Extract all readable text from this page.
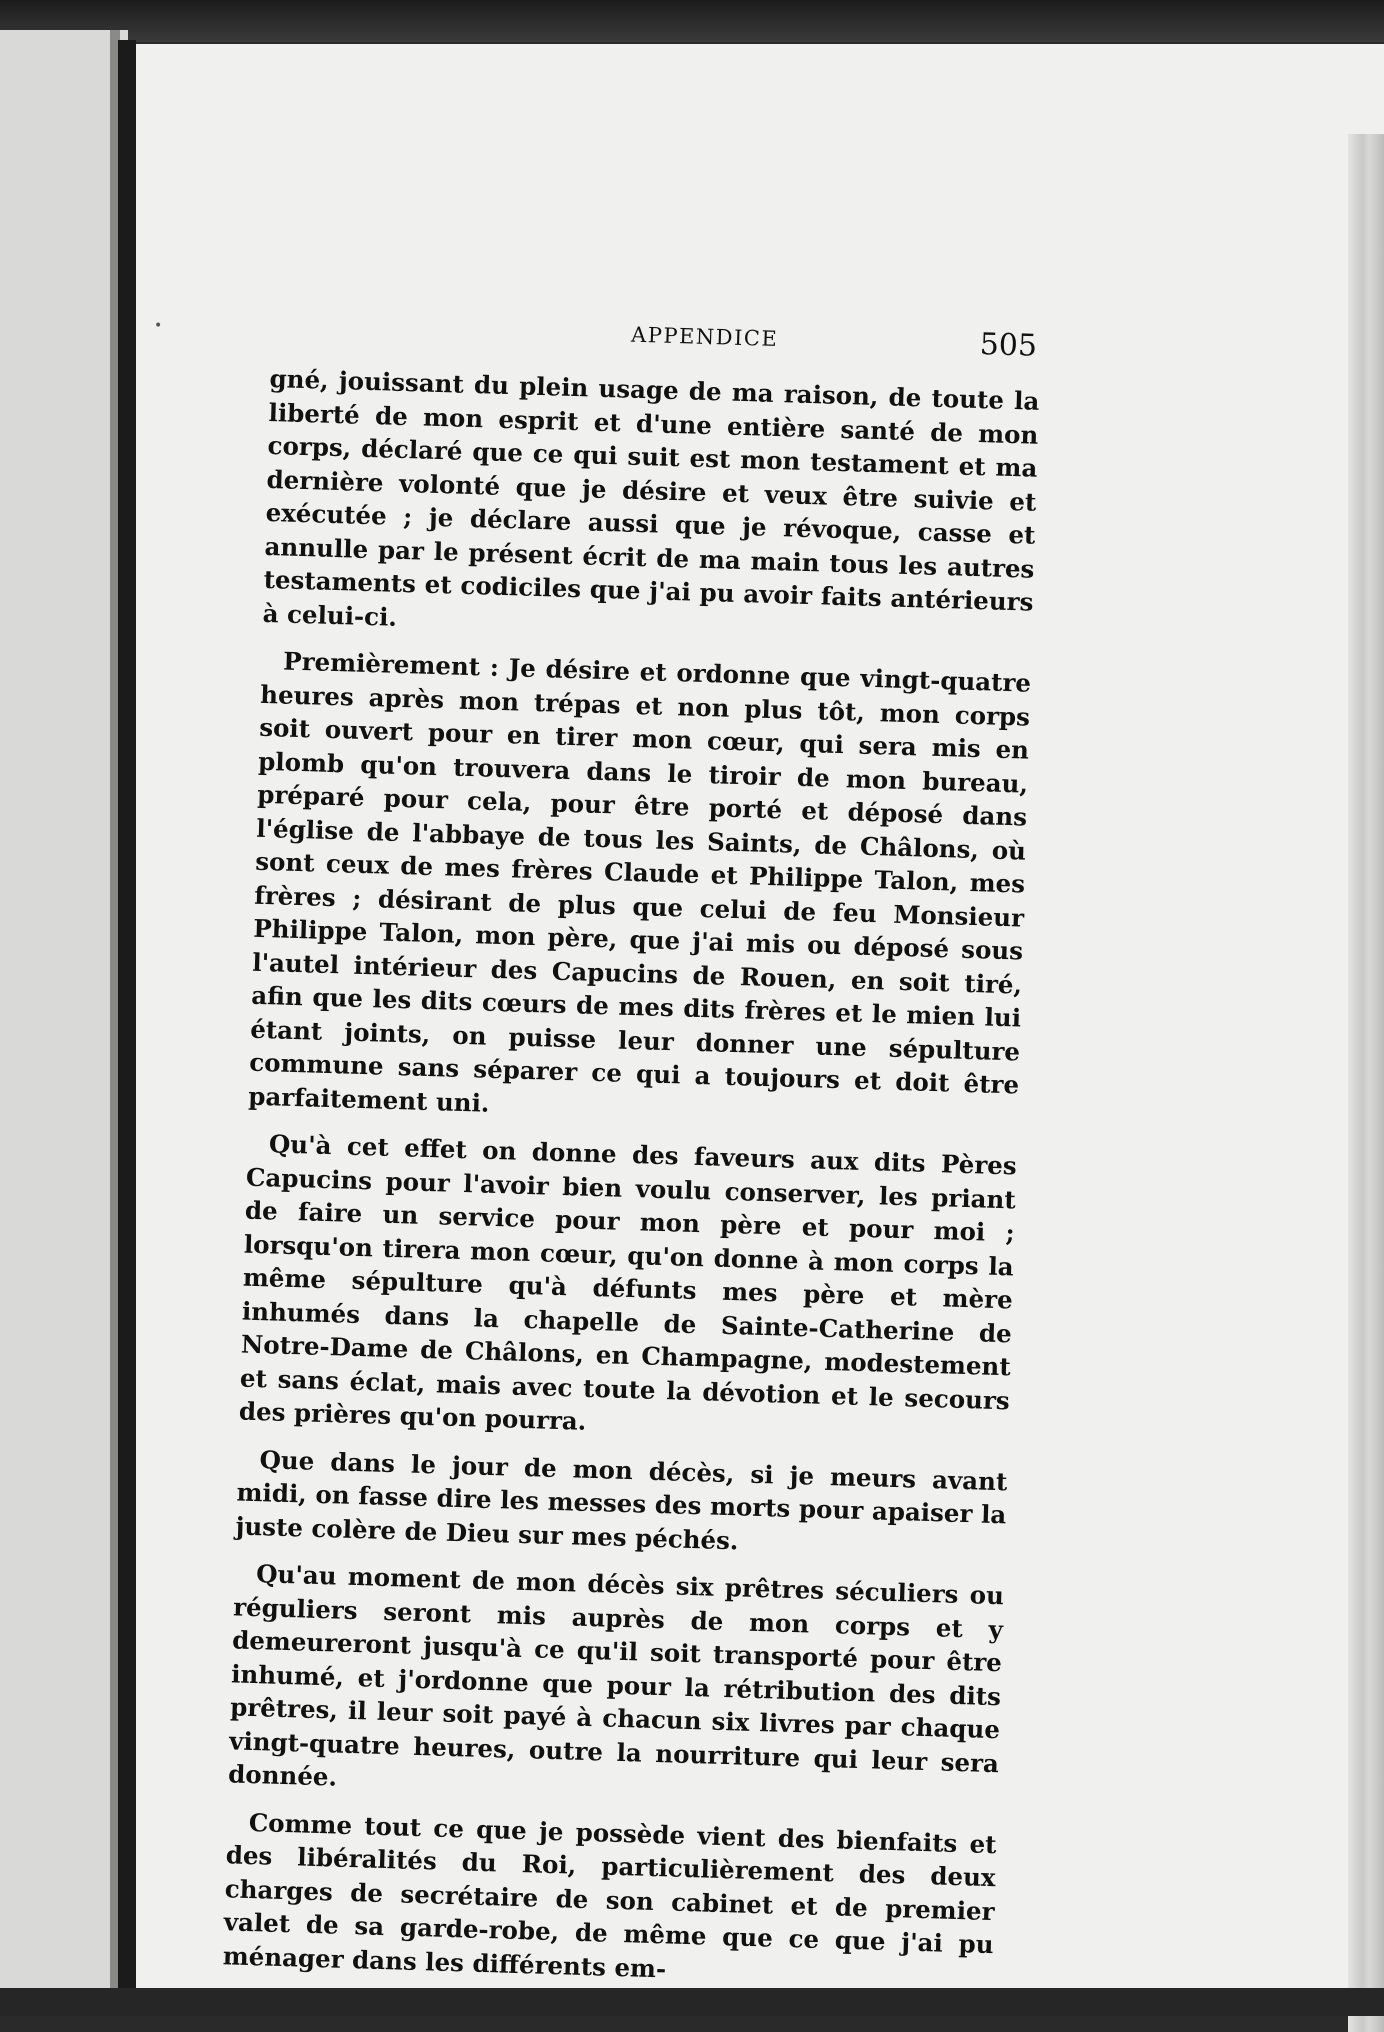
•	APPENDICE	505

gné, jouissant du plein usage de ma raison, de toute la liberté de mon esprit et d'une entière santé de mon corps, déclaré que ce qui suit est mon testament et ma dernière volonté que je désire et veux être suivie et exécutée ; je déclare aussi que je révoque, casse et annulle par le présent écrit de ma main tous les autres testaments et codiciles que j'ai pu avoir faits antérieurs à celui-ci.

Premièrement : Je désire et ordonne que vingt-quatre heures après mon trépas et non plus tôt, mon corps soit ouvert pour en tirer mon cœur, qui sera mis en plomb qu'on trouvera dans le tiroir de mon bureau, préparé pour cela, pour être porté et déposé dans l'église de l'abbaye de tous les Saints, de Châlons, où sont ceux de mes frères Claude et Philippe Talon, mes frères ; désirant de plus que celui de feu Monsieur Philippe Talon, mon père, que j'ai mis ou déposé sous l'autel intérieur des Capucins de Rouen, en soit tiré, afin que les dits cœurs de mes dits frères et le mien lui étant joints, on puisse leur donner une sépulture commune sans séparer ce qui a toujours et doit être parfaitement uni.

Qu'à cet effet on donne des faveurs aux dits Pères Capucins pour l'avoir bien voulu conserver, les priant de faire un service pour mon père et pour moi ; lorsqu'on tirera mon cœur, qu'on donne à mon corps la même sépulture qu'à défunts mes père et mère inhumés dans la chapelle de Sainte-Catherine de Notre-Dame de Châlons, en Champagne, modestement et sans éclat, mais avec toute la dévotion et le secours des prières qu'on pourra.

Que dans le jour de mon décès, si je meurs avant midi, on fasse dire les messes des morts pour apaiser la juste colère de Dieu sur mes péchés.

Qu'au moment de mon décès six prêtres séculiers ou réguliers seront mis auprès de mon corps et y demeureront jusqu'à ce qu'il soit transporté pour être inhumé, et j'ordonne que pour la rétribution des dits prêtres, il leur soit payé à chacun six livres par chaque vingt-quatre heures, outre la nourriture qui leur sera donnée.

Comme tout ce que je possède vient des bienfaits et des libéralités du Roi, particulièrement des deux charges de secrétaire de son cabinet et de premier valet de sa garde-robe, de même que ce que j'ai pu ménager dans les différents em-
